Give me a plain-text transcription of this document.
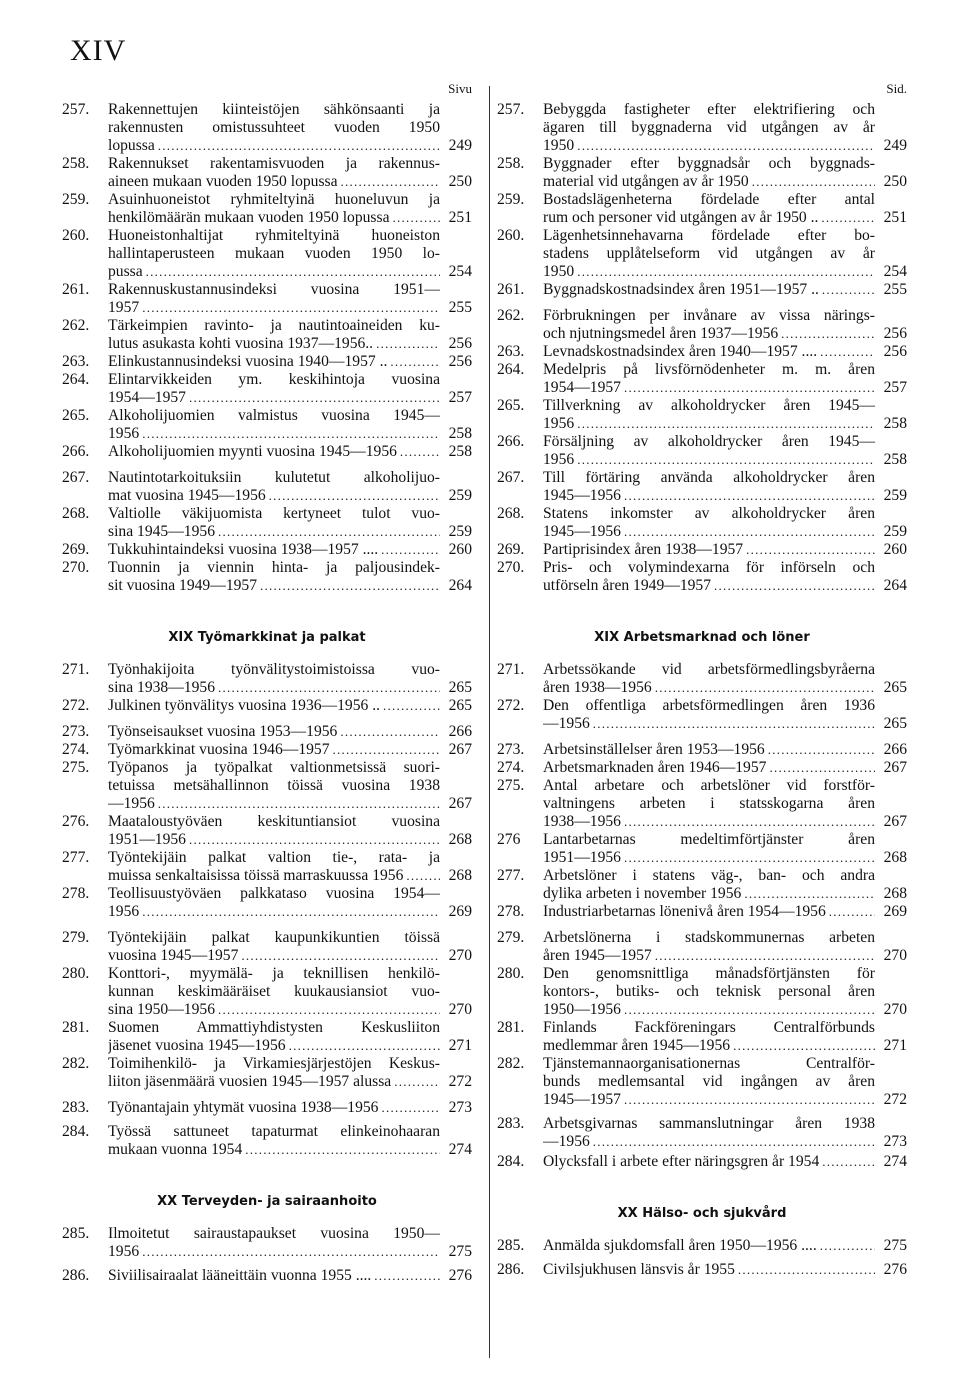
XIV
Sivu
257.	Rakennettujen kiinteistöjen sähkönsaanti ja
rakennusten omistussuhteet vuoden 1950
lopussa . . .	249
258.	Rakennukset rakentamisvuoden ja rakennus-
aineen mukaan vuoden 1950 lopussa . . .	250
259.	Asuinhuoneistot ryhmiteltyinä huoneluvun ja
henkilömäärän mukaan vuoden 1950 lopussa . . .	251
260.	Huoneistonhaltijat ryhmiteltyinä huoneiston
hallintaperusteen mukaan vuoden 1950 lo-
pussa . . .	254
261.	Rakennuskustannusindeksi vuosina 1951—
1957 . . .	255
262.	Tärkeimpien ravinto- ja nautintoaineiden ku-
lutus asukasta kohti vuosina 1937—1956.. . . .	256
263.	Elinkustannusindeksi vuosina 1940—1957 .. . . .	256
264.	Elintarvikkeiden ym. keskihintoja vuosina
1954—1957 . . .	257
265.	Alkoholijuomien valmistus vuosina 1945—
1956 . . .	258
266.	Alkoholijuomien myynti vuosina 1945—1956 . . .	258
267.	Nautintotarkoituksiin kulutetut alkoholijuo-
mat vuosina 1945—1956 . . .	259
268.	Valtiolle väkijuomista kertyneet tulot vuo-
sina 1945—1956 . . .	259
269.	Tukkuhintaindeksi vuosina 1938—1957 .... . . .	260
270.	Tuonnin ja viennin hinta- ja paljousindek-
sit vuosina 1949—1957 . . .	264
XIX Työmarkkinat ja palkat
271.	Työnhakijoita työnvälitystoimistoissa vuo-
sina 1938—1956 . . .	265
272.	Julkinen työnvälitys vuosina 1936—1956 .. . . .	265
273.	Työnseisaukset vuosina 1953—1956 . . .	266
274.	Työmarkkinat vuosina 1946—1957 . . .	267
275.	Työpanos ja työpalkat valtionmetsissä suori-
tetuissa metsähallinnon töissä vuosina 1938
—1956 . . .	267
276.	Maataloustyöväen keskituntiansiot vuosina
1951—1956 . . .	268
277.	Työntekijäin palkat valtion tie-, rata- ja
muissa senkaltaisissa töissä marraskuussa 1956 . . .	268
278.	Teollisuustyöväen palkkataso vuosina 1954—
1956 . . .	269
279.	Työntekijäin palkat kaupunkikuntien töissä
vuosina 1945—1957 . . .	270
280.	Konttori-, myymälä- ja teknillisen henkilö-
kunnan keskimääräiset kuukausiansiot vuo-
sina 1950—1956 . . .	270
281.	Suomen Ammattiyhdistysten Keskusliiton
jäsenet vuosina 1945—1956 . . .	271
282.	Toimihenkilö- ja Virkamiesjärjestöjen Keskus-
liiton jäsenmäärä vuosien 1945—1957 alussa . . .	272
283.	Työnantajain yhtymät vuosina 1938—1956 . . .	273
284.	Työssä sattuneet tapaturmat elinkeinohaaran
mukaan vuonna 1954 . . .	274
XX Terveyden- ja sairaanhoito
285.	Ilmoitetut sairaustapaukset vuosina 1950—
1956 . . .	275
286.	Siviilisairaalat lääneittäin vuonna 1955 .... . . .	276
Sid.
257.	Bebyggda fastigheter efter elektrifiering och
ägaren till byggnaderna vid utgången av år
1950 . . .	249
258.	Byggnader efter byggnadsår och byggnads-
material vid utgången av år 1950 . . .	250
259.	Bostadslägenheterna fördelade efter antal
rum och personer vid utgången av år 1950 .. . . .	251
260.	Lägenhetsinnehavarna fördelade efter bo-
stadens upplåtelseform vid utgången av år
1950 . . .	254
261.	Byggnadskostnadsindex åren 1951—1957 .. . . .	255
262.	Förbrukningen per invånare av vissa närings-
och njutningsmedel åren 1937—1956 . . .	256
263.	Levnadskostnadsindex åren 1940—1957 .... . . .	256
264.	Medelpris på livsförnödenheter m. m. åren
1954—1957 . . .	257
265.	Tillverkning av alkoholdrycker åren 1945—
1956 . . .	258
266.	Försäljning av alkoholdrycker åren 1945—
1956 . . .	258
267.	Till förtäring använda alkoholdrycker åren
1945—1956 . . .	259
268.	Statens inkomster av alkoholdrycker åren
1945—1956 . . .	259
269.	Partiprisindex åren 1938—1957 . . .	260
270.	Pris- och volymindexarna för införseln och
utförseln åren 1949—1957 . . .	264
XIX Arbetsmarknad och löner
271.	Arbetssökande vid arbetsförmedlingsbyråerna
åren 1938—1956 . . .	265
272.	Den offentliga arbetsförmedlingen åren 1936
—1956 . . .	265
273.	Arbetsinställelser åren 1953—1956 . . .	266
274.	Arbetsmarknaden åren 1946—1957 . . .	267
275.	Antal arbetare och arbetslöner vid forstför-
valtningens arbeten i statsskogarna åren
1938—1956 . . .	267
276	Lantarbetarnas medeltimförtjänster åren
1951—1956 . . .	268
277.	Arbetslöner i statens väg-, ban- och andra
dylika arbeten i november 1956 . . .	268
278.	Industriarbetarnas lönenivå åren 1954—1956 . . .	269
279.	Arbetslönerna i stadskommunernas arbeten
åren 1945—1957 . . .	270
280.	Den genomsnittliga månadsförtjänsten för
kontors-, butiks- och teknisk personal åren
1950—1956 . . .	270
281.	Finlands Fackföreningars Centralförbunds
medlemmar åren 1945—1956 . . .	271
282.	Tjänstemannaorganisationernas Centralför-
bunds medlemsantal vid ingången av åren
1945—1957 . . .	272
283.	Arbetsgivarnas sammanslutningar åren 1938
—1956 . . .	273
284.	Olycksfall i arbete efter näringsgren år 1954 . . .	274
XX Hälso- och sjukvård
285.	Anmälda sjukdomsfall åren 1950—1956 .... . . .	275
286.	Civilsjukhusen länsvis år 1955 . . .	276
